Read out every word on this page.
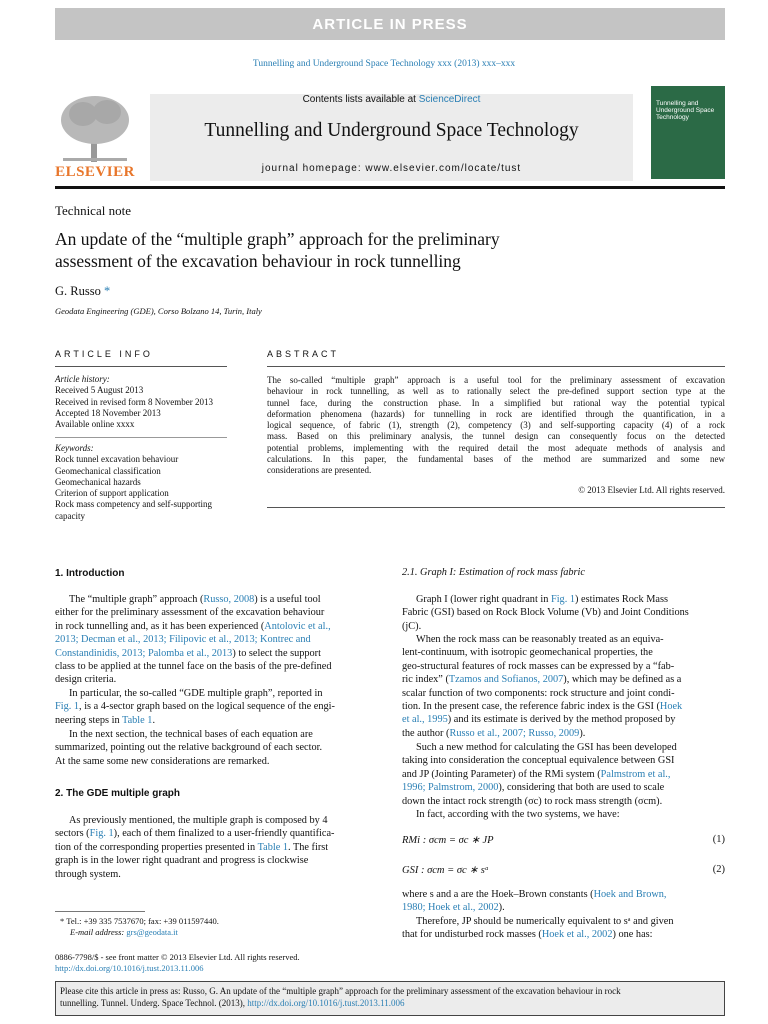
ARTICLE IN PRESS
Tunnelling and Underground Space Technology xxx (2013) xxx–xxx
ELSEVIER
Contents lists available at ScienceDirect
Tunnelling and Underground Space Technology
journal homepage: www.elsevier.com/locate/tust
Tunnelling and Underground Space Technology
Technical note
An update of the “multiple graph” approach for the preliminary
assessment of the excavation behaviour in rock tunnelling
G. Russo *
Geodata Engineering (GDE), Corso Bolzano 14, Turin, Italy
ARTICLE INFO
Article history:
Received 5 August 2013
Received in revised form 8 November 2013
Accepted 18 November 2013
Available online xxxx
Keywords:
Rock tunnel excavation behaviour
Geomechanical classification
Geomechanical hazards
Criterion of support application
Rock mass competency and self-supporting
capacity
ABSTRACT
The so-called “multiple graph” approach is a useful tool for the preliminary assessment of excavation
behaviour in rock tunnelling, as well as to rationally select the pre-defined support section type at the
tunnel face, during the construction phase. In a simplified but rational way the potential typical
deformation phenomena (hazards) for tunnelling in rock are identified through the quantification, in a
logical sequence, of fabric (1), strength (2), competency (3) and self-supporting capacity (4) of a rock
mass. Based on this preliminary analysis, the tunnel design can consequently focus on the detected
potential problems, implementing with the required detail the most adequate methods of analysis and
calculations. In this paper, the fundamental bases of the method are summarized and some new
considerations are presented.
© 2013 Elsevier Ltd. All rights reserved.
1. Introduction
The “multiple graph” approach (Russo, 2008) is a useful tool
either for the preliminary assessment of the excavation behaviour
in rock tunnelling and, as it has been experienced (Antolovic et al.,
2013; Decman et al., 2013; Filipovic et al., 2013; Kontrec and
Constandinidis, 2013; Palomba et al., 2013) to select the support
class to be applied at the tunnel face on the basis of the pre-defined
design criteria.
In particular, the so-called “GDE multiple graph”, reported in
Fig. 1, is a 4-sector graph based on the logical sequence of the engi-
neering steps in Table 1.
In the next section, the technical bases of each equation are
summarized, pointing out the relative background of each sector.
At the same some new considerations are remarked.
2. The GDE multiple graph
As previously mentioned, the multiple graph is composed by 4
sectors (Fig. 1), each of them finalized to a user-friendly quantifica-
tion of the corresponding properties presented in Table 1. The first
graph is in the lower right quadrant and progress is clockwise
through system.
* Tel.: +39 335 7537670; fax: +39 011597440.
E-mail address: grs@geodata.it
0886-7798/$ - see front matter © 2013 Elsevier Ltd. All rights reserved.
http://dx.doi.org/10.1016/j.tust.2013.11.006
2.1. Graph I: Estimation of rock mass fabric
Graph I (lower right quadrant in Fig. 1) estimates Rock Mass
Fabric (GSI) based on Rock Block Volume (Vb) and Joint Conditions
(jC).
When the rock mass can be reasonably treated as an equiva-
lent-continuum, with isotropic geomechanical properties, the
geo-structural features of rock masses can be expressed by a “fab-
ric index” (Tzamos and Sofianos, 2007), which may be defined as a
scalar function of two components: rock structure and joint condi-
tion. In the present case, the reference fabric index is the GSI (Hoek
et al., 1995) and its estimate is derived by the method proposed by
the author (Russo et al., 2007; Russo, 2009).
Such a new method for calculating the GSI has been developed
taking into consideration the conceptual equivalence between GSI
and JP (Jointing Parameter) of the RMi system (Palmstrom et al.,
1996; Palmstrom, 2000), considering that both are used to scale
down the intact rock strength (σc) to rock mass strength (σcm).
In fact, according with the two systems, we have:
RMi : σcm = σc ∗ JP	(1)
GSI : σcm = σc ∗ sᵃ	(2)
where s and a are the Hoek–Brown constants (Hoek and Brown,
1980; Hoek et al., 2002).
Therefore, JP should be numerically equivalent to sᵃ and given
that for undisturbed rock masses (Hoek et al., 2002) one has:
Please cite this article in press as: Russo, G. An update of the “multiple graph” approach for the preliminary assessment of the excavation behaviour in rock
tunnelling. Tunnel. Underg. Space Technol. (2013), http://dx.doi.org/10.1016/j.tust.2013.11.006
